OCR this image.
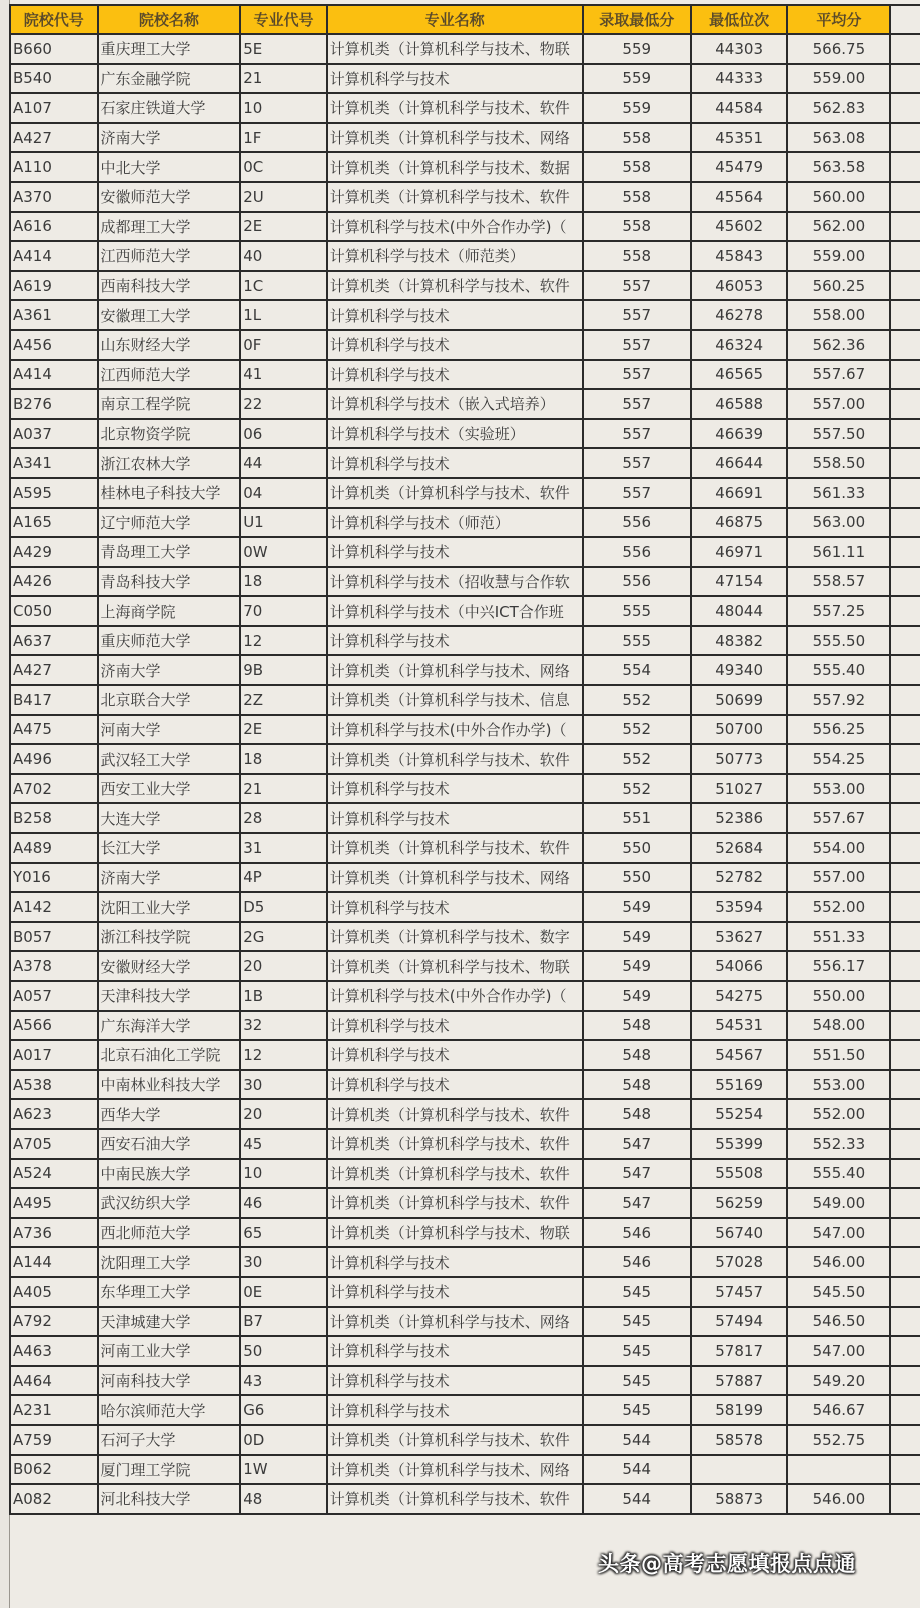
院校代号	院校名称	专业代号	专业名称	录取最低分	最低位次	平均分	
B660	重庆理工大学	5E	计算机类（计算机科学与技术、物联	559	44303	566.75	
B540	广东金融学院	21	计算机科学与技术	559	44333	559.00	
A107	石家庄铁道大学	10	计算机类（计算机科学与技术、软件	559	44584	562.83	
A427	济南大学	1F	计算机类（计算机科学与技术、网络	558	45351	563.08	
A110	中北大学	0C	计算机类（计算机科学与技术、数据	558	45479	563.58	
A370	安徽师范大学	2U	计算机类（计算机科学与技术、软件	558	45564	560.00	
A616	成都理工大学	2E	计算机科学与技术(中外合作办学)（	558	45602	562.00	
A414	江西师范大学	40	计算机科学与技术（师范类）	558	45843	559.00	
A619	西南科技大学	1C	计算机类（计算机科学与技术、软件	557	46053	560.25	
A361	安徽理工大学	1L	计算机科学与技术	557	46278	558.00	
A456	山东财经大学	0F	计算机科学与技术	557	46324	562.36	
A414	江西师范大学	41	计算机科学与技术	557	46565	557.67	
B276	南京工程学院	22	计算机科学与技术（嵌入式培养）	557	46588	557.00	
A037	北京物资学院	06	计算机科学与技术（实验班）	557	46639	557.50	
A341	浙江农林大学	44	计算机科学与技术	557	46644	558.50	
A595	桂林电子科技大学	04	计算机类（计算机科学与技术、软件	557	46691	561.33	
A165	辽宁师范大学	U1	计算机科学与技术（师范）	556	46875	563.00	
A429	青岛理工大学	0W	计算机科学与技术	556	46971	561.11	
A426	青岛科技大学	18	计算机科学与技术（招收慧与合作软	556	47154	558.57	
C050	上海商学院	70	计算机科学与技术（中兴ICT合作班	555	48044	557.25	
A637	重庆师范大学	12	计算机科学与技术	555	48382	555.50	
A427	济南大学	9B	计算机类（计算机科学与技术、网络	554	49340	555.40	
B417	北京联合大学	2Z	计算机类（计算机科学与技术、信息	552	50699	557.92	
A475	河南大学	2E	计算机科学与技术(中外合作办学)（	552	50700	556.25	
A496	武汉轻工大学	18	计算机类（计算机科学与技术、软件	552	50773	554.25	
A702	西安工业大学	21	计算机科学与技术	552	51027	553.00	
B258	大连大学	28	计算机科学与技术	551	52386	557.67	
A489	长江大学	31	计算机类（计算机科学与技术、软件	550	52684	554.00	
Y016	济南大学	4P	计算机类（计算机科学与技术、网络	550	52782	557.00	
A142	沈阳工业大学	D5	计算机科学与技术	549	53594	552.00	
B057	浙江科技学院	2G	计算机类（计算机科学与技术、数字	549	53627	551.33	
A378	安徽财经大学	20	计算机类（计算机科学与技术、物联	549	54066	556.17	
A057	天津科技大学	1B	计算机科学与技术(中外合作办学)（	549	54275	550.00	
A566	广东海洋大学	32	计算机科学与技术	548	54531	548.00	
A017	北京石油化工学院	12	计算机科学与技术	548	54567	551.50	
A538	中南林业科技大学	30	计算机科学与技术	548	55169	553.00	
A623	西华大学	20	计算机类（计算机科学与技术、软件	548	55254	552.00	
A705	西安石油大学	45	计算机类（计算机科学与技术、软件	547	55399	552.33	
A524	中南民族大学	10	计算机类（计算机科学与技术、软件	547	55508	555.40	
A495	武汉纺织大学	46	计算机类（计算机科学与技术、软件	547	56259	549.00	
A736	西北师范大学	65	计算机类（计算机科学与技术、物联	546	56740	547.00	
A144	沈阳理工大学	30	计算机科学与技术	546	57028	546.00	
A405	东华理工大学	0E	计算机科学与技术	545	57457	545.50	
A792	天津城建大学	B7	计算机类（计算机科学与技术、网络	545	57494	546.50	
A463	河南工业大学	50	计算机科学与技术	545	57817	547.00	
A464	河南科技大学	43	计算机科学与技术	545	57887	549.20	
A231	哈尔滨师范大学	G6	计算机科学与技术	545	58199	546.67	
A759	石河子大学	0D	计算机类（计算机科学与技术、软件	544	58578	552.75	
B062	厦门理工学院	1W	计算机类（计算机科学与技术、网络	544			
A082	河北科技大学	48	计算机类（计算机科学与技术、软件	544	58873	546.00	
头条@高考志愿填报点点通
